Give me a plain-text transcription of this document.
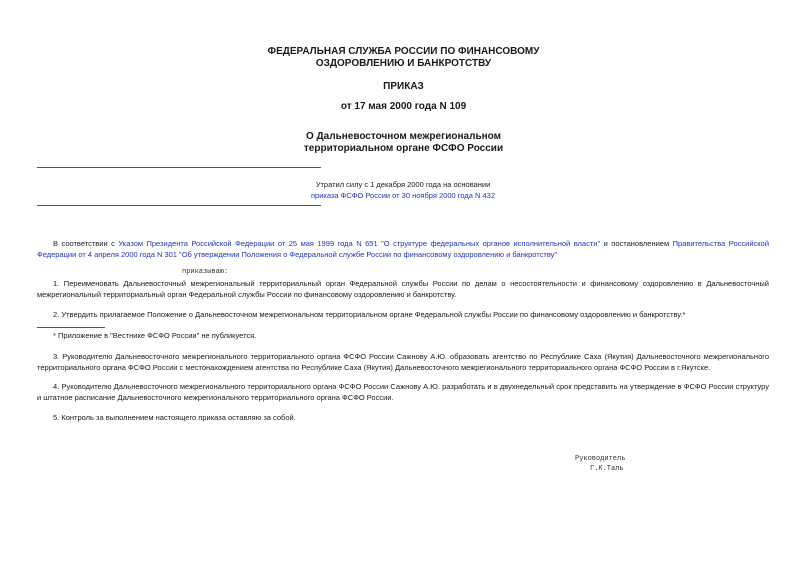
ФЕДЕРАЛЬНАЯ СЛУЖБА РОССИИ ПО ФИНАНСОВОМУ
ОЗДОРОВЛЕНИЮ И БАНКРОТСТВУ
ПРИКАЗ
от 17 мая 2000 года N 109
О Дальневосточном межрегиональном
территориальном органе ФСФО России
Утратил силу с 1 декабря 2000 года на основании
приказа ФСФО России от 30 ноября 2000 года N 432
В соответствии с Указом Президента Российской Федерации от 25 мая 1999 года N 651 "О структуре федеральных органов исполнительной власти" и постановлением Правительства Российской Федерации от 4 апреля 2000 года N 301 "Об утверждении Положения о Федеральной службе России по финансовому оздоровлению и банкротству"
приказываю:
1. Переименовать Дальневосточный межрегиональный территориальный орган Федеральной службы России по делам о несостоятельности и финансовому оздоровлению в Дальневосточный межрегиональный территориальный орган Федеральной службы России по финансовому оздоровлению и банкротству.
2. Утвердить прилагаемое Положение о Дальневосточном межрегиональном территориальном органе Федеральной службы России по финансовому оздоровлению и банкротству.*
* Приложение в "Вестнике ФСФО России" не публикуется.
3. Руководителю Дальневосточного межрегионального территориального органа ФСФО России Сажнову А.Ю. образовать агентство по Республике Саха (Якутия) Дальневосточного межрегионального территориального органа ФСФО России с местонахождением агентства по Республике Саха (Якутия) Дальневосточного межрегионального территориального органа ФСФО России в г.Якутске.
4. Руководителю Дальневосточного межрегионального территориального органа ФСФО России Сажнову А.Ю. разработать и в двухнедельный срок представить на утверждение в ФСФО России структуру и штатное расписание Дальневосточного межрегионального территориального органа ФСФО России.
5. Контроль за выполнением настоящего приказа оставляю за собой.
Руководитель
Г.К.Таль
